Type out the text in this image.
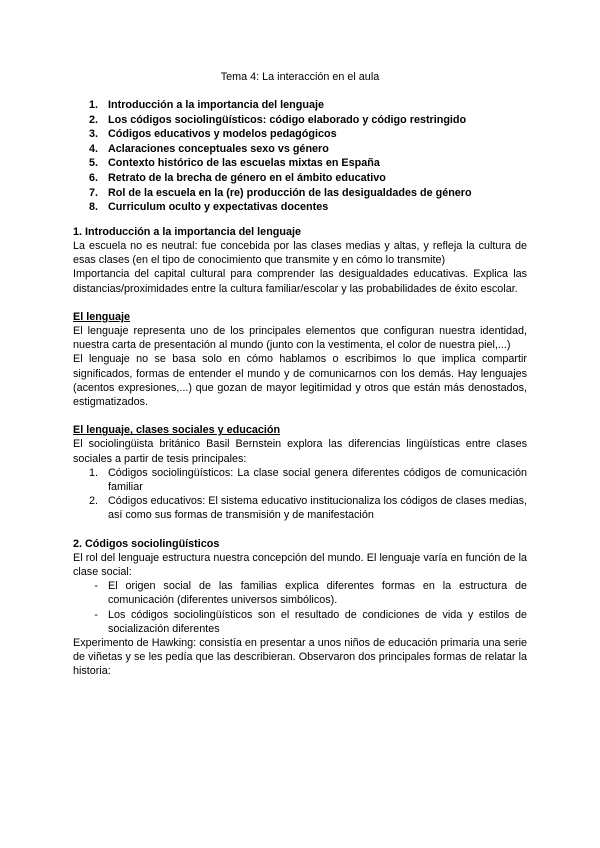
Tema 4: La interacción en el aula
1. Introducción a la importancia del lenguaje
2. Los códigos sociolingüísticos: código elaborado y código restringido
3. Códigos educativos y modelos pedagógicos
4. Aclaraciones conceptuales sexo vs género
5. Contexto histórico de las escuelas mixtas en España
6. Retrato de la brecha de género en el ámbito educativo
7. Rol de la escuela en la (re) producción de las desigualdades de género
8. Curriculum oculto y expectativas docentes
1. Introducción a la importancia del lenguaje

La escuela no es neutral: fue concebida por las clases medias y altas, y refleja la cultura de esas clases (en el tipo de conocimiento que transmite y en cómo lo transmite)

Importancia del capital cultural para comprender las desigualdades educativas. Explica las distancias/proximidades entre la cultura familiar/escolar y las probabilidades de éxito escolar.

El lenguaje

El lenguaje representa uno de los principales elementos que configuran nuestra identidad, nuestra carta de presentación al mundo (junto con la vestimenta, el color de nuestra piel,...)

El lenguaje no se basa solo en cómo hablamos o escribimos lo que implica compartir significados, formas de entender el mundo y de comunicarnos con los demás. Hay lenguajes (acentos expresiones,...) que gozan de mayor legitimidad y otros que están más denostados, estigmatizados.

El lenguaje, clases sociales y educación

El sociolingüista británico Basil Bernstein explora las diferencias lingüísticas entre clases sociales a partir de tesis principales:

1. Códigos sociolingüísticos: La clase social genera diferentes códigos de comunicación familiar
2. Códigos educativos: El sistema educativo institucionaliza los códigos de clases medias, así como sus formas de transmisión y de manifestación
2. Códigos sociolingüísticos

El rol del lenguaje estructura nuestra concepción del mundo. El lenguaje varía en función de la clase social:

- El origen social de las familias explica diferentes formas en la estructura de comunicación (diferentes universos simbólicos).
- Los códigos sociolingüísticos son el resultado de condiciones de vida y estilos de socialización diferentes

Experimento de Hawking: consistía en presentar a unos niños de educación primaria una serie de viñetas y se les pedía que las describieran. Observaron dos principales formas de relatar la historia:
